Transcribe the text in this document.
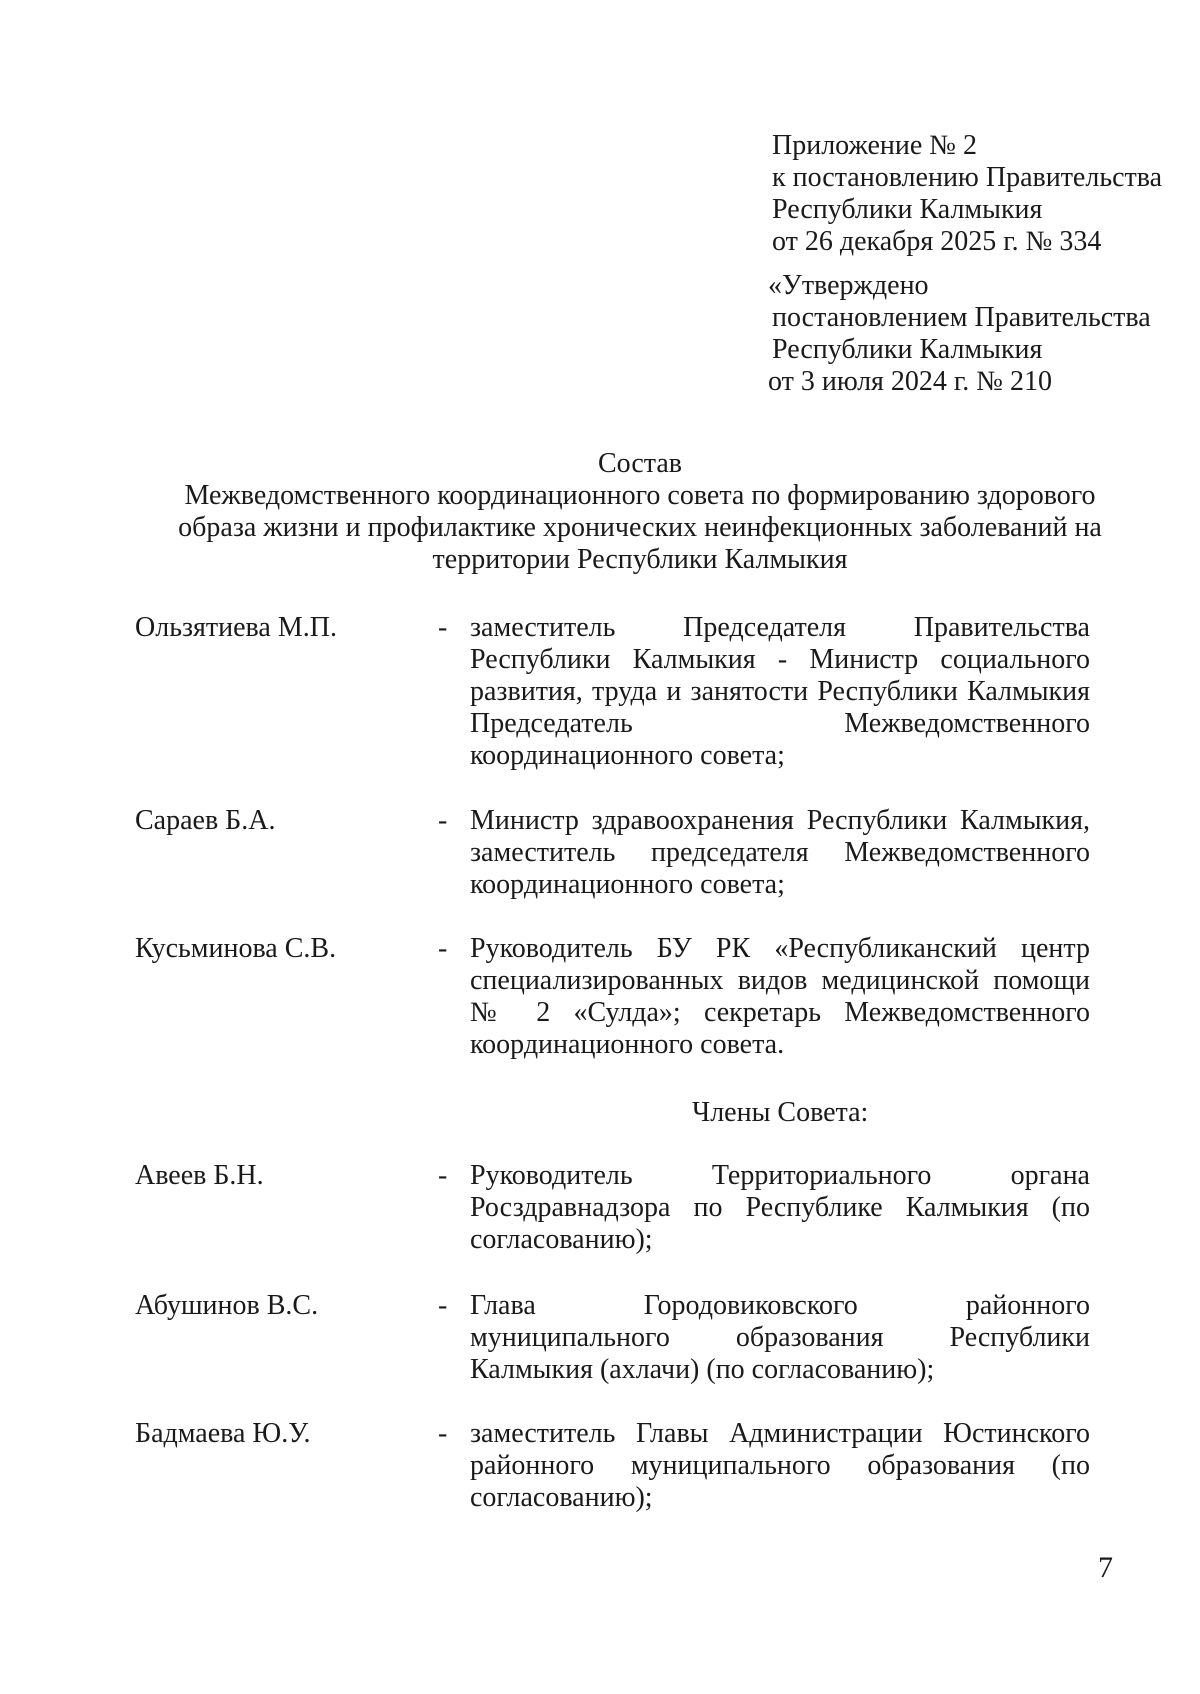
Приложение № 2
к постановлению Правительства
Республики Калмыкия
от 26 декабря 2025 г. № 334
«Утверждено
постановлением Правительства
Республики Калмыкия
от 3 июля 2024 г. № 210
Состав
Межведомственного координационного совета по формированию здорового образа жизни и профилактике хронических неинфекционных заболеваний на территории Республики Калмыкия
Ользятиева М.П.	- заместитель Председателя Правительства Республики Калмыкия - Министр социального развития, труда и занятости Республики Калмыкия Председатель Межведомственного координационного совета;
Сараев Б.А.	- Министр здравоохранения Республики Калмыкия, заместитель председателя Межведомственного координационного совета;
Кусьминова С.В.	- Руководитель БУ РК «Республиканский центр специализированных видов медицинской помощи № 2 «Сулда»; секретарь Межведомственного координационного совета.
Члены Совета:
Авеев Б.Н.	- Руководитель Территориального органа Росздравнадзора по Республике Калмыкия (по согласованию);
Абушинов В.С.	- Глава Городовиковского районного муниципального образования Республики Калмыкия (ахлачи) (по согласованию);
Бадмаева Ю.У.	- заместитель Главы Администрации Юстинского районного муниципального образования (по согласованию);
7
